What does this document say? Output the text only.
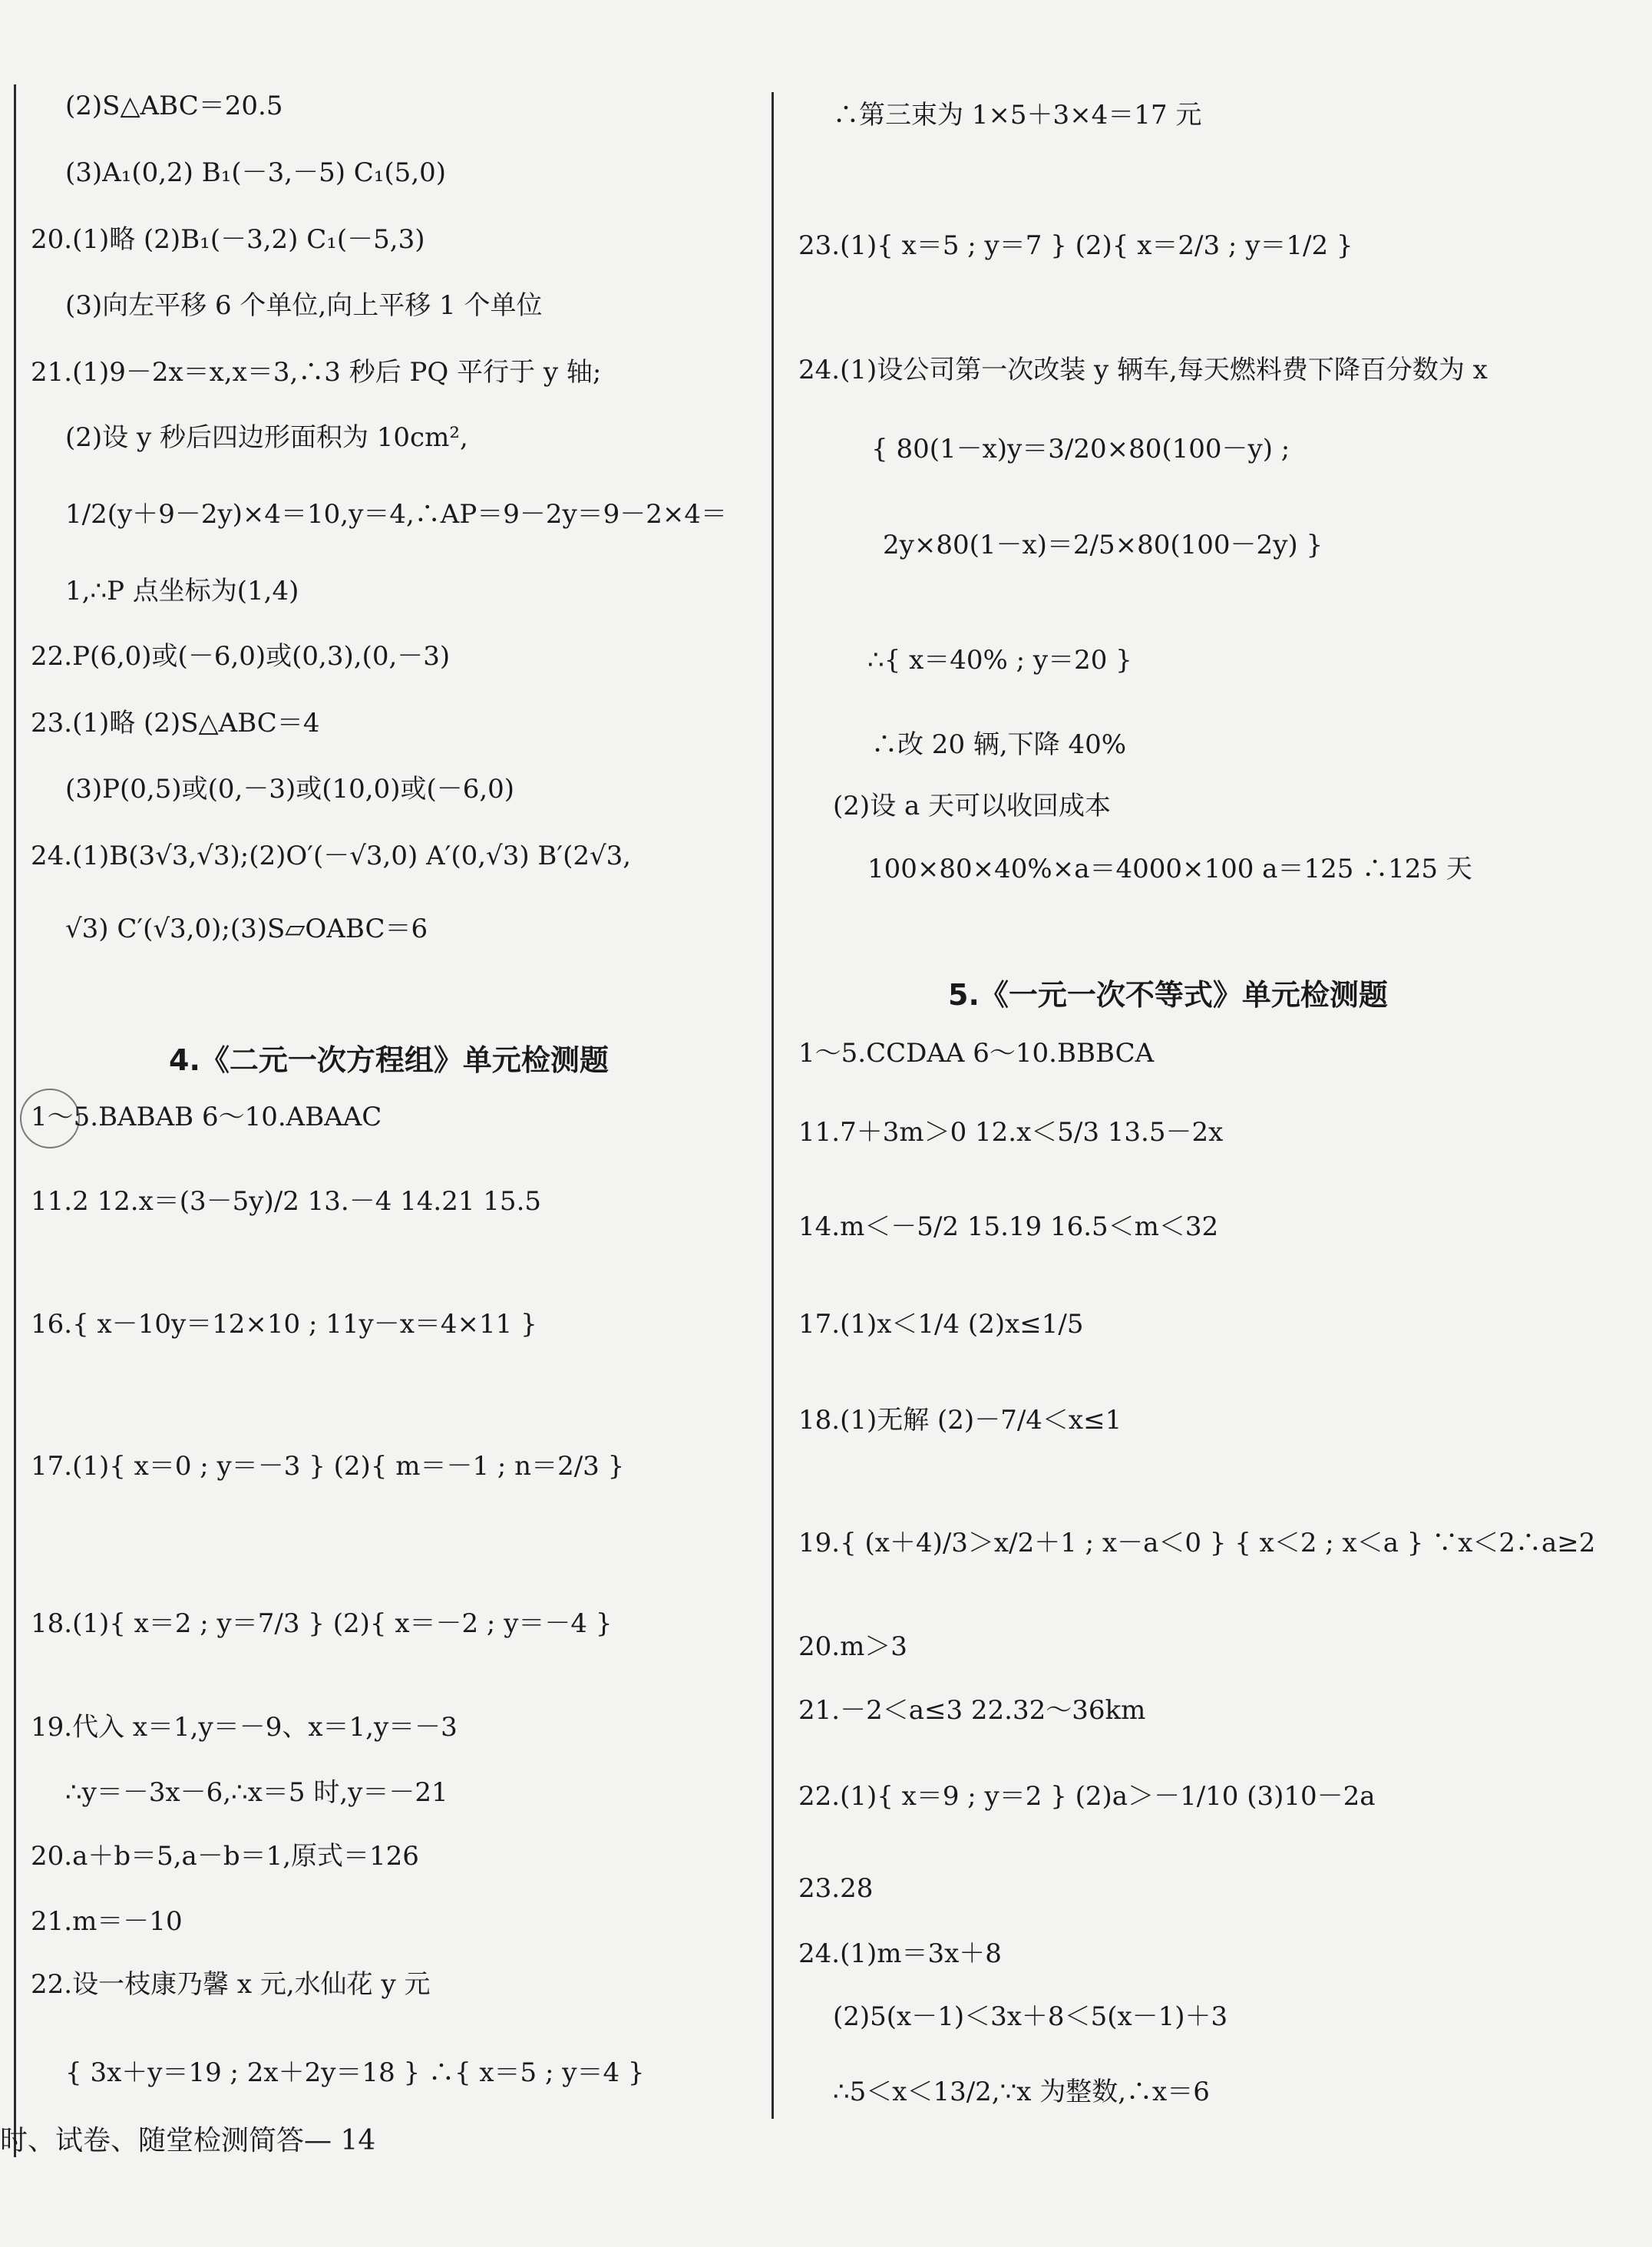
(2)S△ABC＝20.5
(3)A₁(0,2) B₁(－3,－5) C₁(5,0)
20.(1)略 (2)B₁(－3,2) C₁(－5,3)
(3)向左平移 6 个单位,向上平移 1 个单位
21.(1)9－2x＝x,x＝3,∴3 秒后 PQ 平行于 y 轴;
(2)设 y 秒后四边形面积为 10cm²,
1/2(y＋9－2y)×4＝10,y＝4,∴AP＝9－2y＝9－2×4＝
1,∴P 点坐标为(1,4)
22.P(6,0)或(－6,0)或(0,3),(0,－3)
23.(1)略 (2)S△ABC＝4
(3)P(0,5)或(0,－3)或(10,0)或(－6,0)
24.(1)B(3√3,√3);(2)O′(－√3,0) A′(0,√3) B′(2√3,
√3) C′(√3,0);(3)S▱OABC＝6
4.《二元一次方程组》单元检测题
1～5.BABAB 6～10.ABAAC
11.2 12.x＝(3－5y)/2 13.－4 14.21 15.5
16.{ x－10y＝12×10 ; 11y－x＝4×11 }
17.(1){ x＝0 ; y＝－3 } (2){ m＝－1 ; n＝2/3 }
18.(1){ x＝2 ; y＝7/3 } (2){ x＝－2 ; y＝－4 }
19.代入 x＝1,y＝－9、x＝1,y＝－3
∴y＝－3x－6,∴x＝5 时,y＝－21
20.a＋b＝5,a－b＝1,原式＝126
21.m＝－10
22.设一枝康乃馨 x 元,水仙花 y 元
{ 3x＋y＝19 ; 2x＋2y＝18 } ∴{ x＝5 ; y＝4 }
∴第三束为 1×5＋3×4＝17 元
23.(1){ x＝5 ; y＝7 } (2){ x＝2/3 ; y＝1/2 }
24.(1)设公司第一次改装 y 辆车,每天燃料费下降百分数为 x
{ 80(1－x)y＝3/20×80(100－y) ;
2y×80(1－x)＝2/5×80(100－2y) }
∴{ x＝40% ; y＝20 }
∴改 20 辆,下降 40%
(2)设 a 天可以收回成本
100×80×40%×a＝4000×100 a＝125 ∴125 天
5.《一元一次不等式》单元检测题
1～5.CCDAA 6～10.BBBCA
11.7＋3m＞0 12.x＜5/3 13.5－2x
14.m＜－5/2 15.19 16.5＜m＜32
17.(1)x＜1/4 (2)x≤1/5
18.(1)无解 (2)－7/4＜x≤1
19.{ (x＋4)/3＞x/2＋1 ; x－a＜0 } { x＜2 ; x＜a } ∵x＜2∴a≥2
20.m＞3
21.－2＜a≤3 22.32～36km
22.(1){ x＝9 ; y＝2 } (2)a＞－1/10 (3)10－2a
23.28
24.(1)m＝3x＋8
(2)5(x－1)＜3x＋8＜5(x－1)＋3
∴5＜x＜13/2,∵x 为整数,∴x＝6
时、试卷、随堂检测简答— 14
